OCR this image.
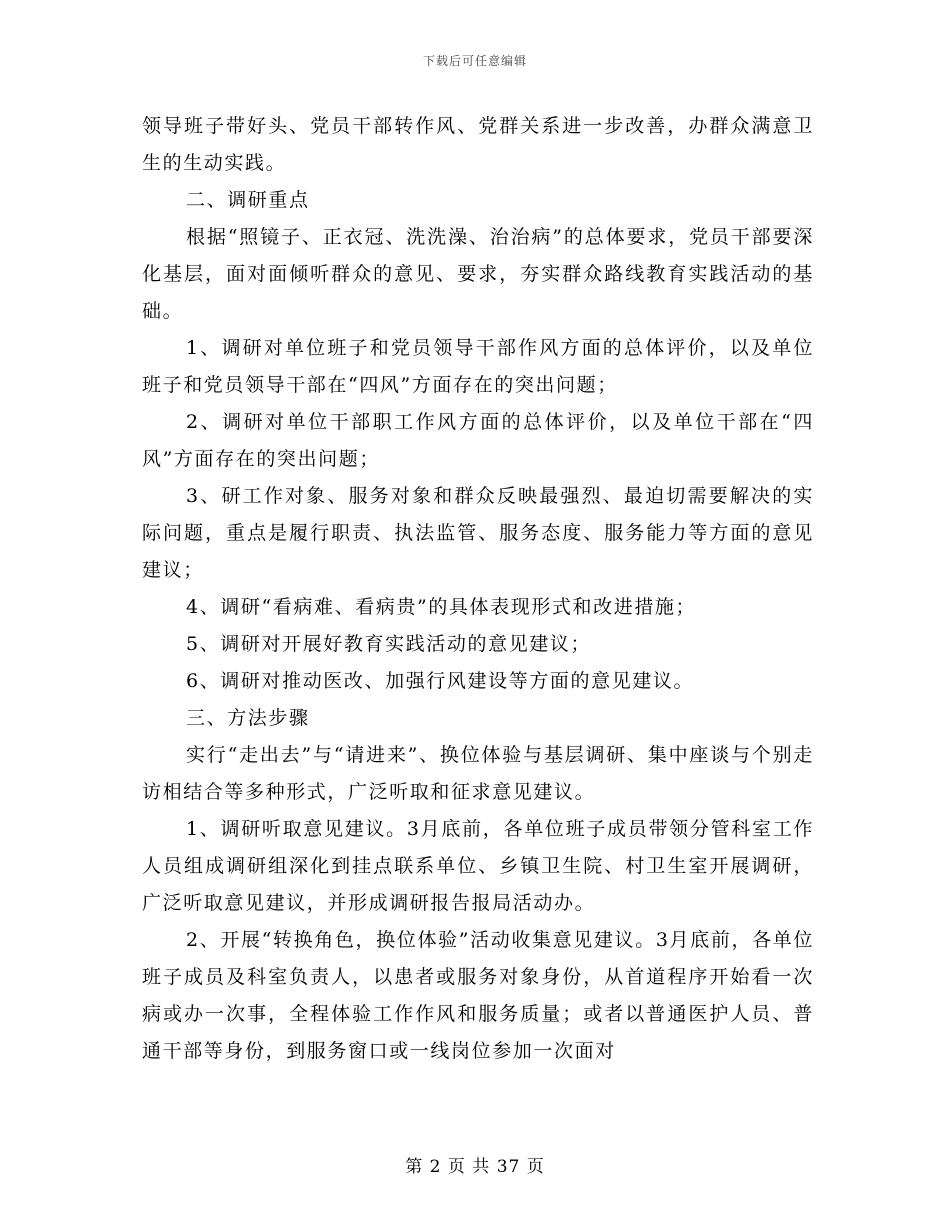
下载后可任意编辑

领导班子带好头、党员干部转作风、党群关系进一步改善，办群众满意卫生的生动实践。

二、调研重点

根据“照镜子、正衣冠、洗洗澡、治治病”的总体要求，党员干部要深化基层，面对面倾听群众的意见、要求，夯实群众路线教育实践活动的基础。

1、调研对单位班子和党员领导干部作风方面的总体评价，以及单位班子和党员领导干部在“四风”方面存在的突出问题；

2、调研对单位干部职工作风方面的总体评价，以及单位干部在“四风”方面存在的突出问题；

3、研工作对象、服务对象和群众反映最强烈、最迫切需要解决的实际问题，重点是履行职责、执法监管、服务态度、服务能力等方面的意见建议；

4、调研“看病难、看病贵”的具体表现形式和改进措施；

5、调研对开展好教育实践活动的意见建议；

6、调研对推动医改、加强行风建设等方面的意见建议。

三、方法步骤

实行“走出去”与“请进来”、换位体验与基层调研、集中座谈与个别走访相结合等多种形式，广泛听取和征求意见建议。

1、调研听取意见建议。3月底前，各单位班子成员带领分管科室工作人员组成调研组深化到挂点联系单位、乡镇卫生院、村卫生室开展调研，广泛听取意见建议，并形成调研报告报局活动办。

2、开展“转换角色，换位体验”活动收集意见建议。3月底前，各单位班子成员及科室负责人，以患者或服务对象身份，从首道程序开始看一次病或办一次事，全程体验工作作风和服务质量；或者以普通医护人员、普通干部等身份，到服务窗口或一线岗位参加一次面对

第 2 页 共 37 页
